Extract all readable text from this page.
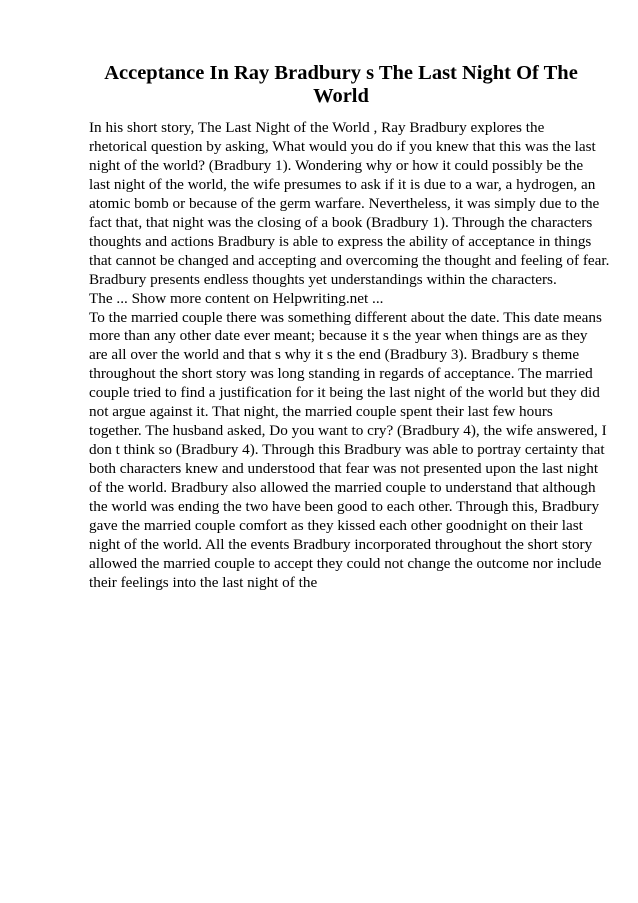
Acceptance In Ray Bradbury s The Last Night Of The
World

In his short story, The Last Night of the World , Ray Bradbury explores the
rhetorical question by asking, What would you do if you knew that this was the last
night of the world? (Bradbury 1). Wondering why or how it could possibly be the
last night of the world, the wife presumes to ask if it is due to a war, a hydrogen, an
atomic bomb or because of the germ warfare. Nevertheless, it was simply due to the
fact that, that night was the closing of a book (Bradbury 1). Through the characters
thoughts and actions Bradbury is able to express the ability of acceptance in things
that cannot be changed and accepting and overcoming the thought and feeling of fear.
Bradbury presents endless thoughts yet understandings within the characters.

The ... Show more content on Helpwriting.net ...

To the married couple there was something different about the date. This date means
more than any other date ever meant; because it s the year when things are as they
are all over the world and that s why it s the end (Bradbury 3). Bradbury s theme
throughout the short story was long standing in regards of acceptance. The married
couple tried to find a justification for it being the last night of the world but they did
not argue against it. That night, the married couple spent their last few hours
together. The husband asked, Do you want to cry? (Bradbury 4), the wife answered, I
don t think so (Bradbury 4). Through this Bradbury was able to portray certainty that
both characters knew and understood that fear was not presented upon the last night
of the world. Bradbury also allowed the married couple to understand that although
the world was ending the two have been good to each other. Through this, Bradbury
gave the married couple comfort as they kissed each other goodnight on their last
night of the world. All the events Bradbury incorporated throughout the short story
allowed the married couple to accept they could not change the outcome nor include
their feelings into the last night of the
